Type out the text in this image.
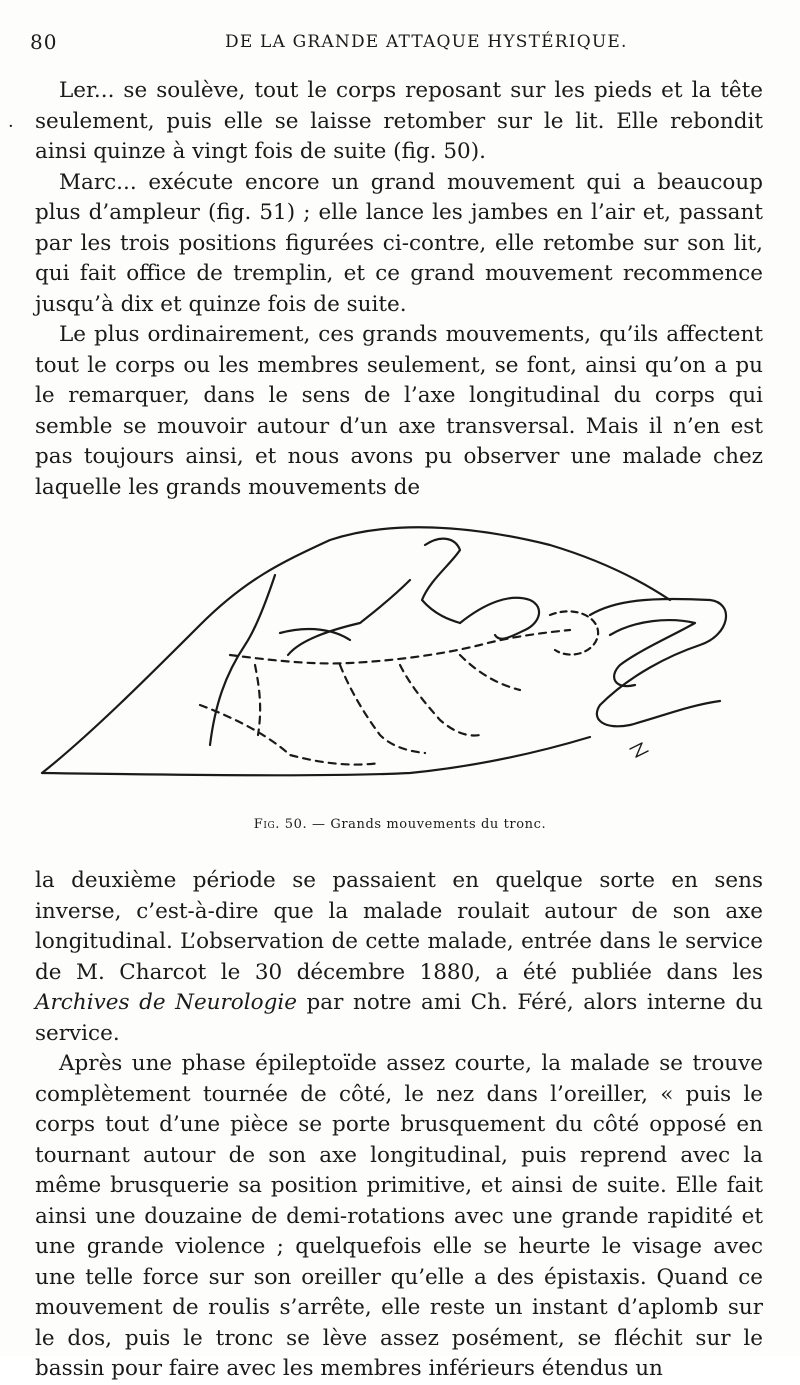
80	DE LA GRANDE ATTAQUE HYSTÉRIQUE.
·

Ler... se soulève, tout le corps reposant sur les pieds et la tête seulement, puis elle se laisse retomber sur le lit. Elle rebondit ainsi quinze à vingt fois de suite (fig. 50).

Marc... exécute encore un grand mouvement qui a beaucoup plus d’ampleur (fig. 51) ; elle lance les jambes en l’air et, passant par les trois positions figurées ci-contre, elle retombe sur son lit, qui fait office de tremplin, et ce grand mouvement recommence jusqu’à dix et quinze fois de suite.

Le plus ordinairement, ces grands mouvements, qu’ils affectent tout le corps ou les membres seulement, se font, ainsi qu’on a pu le remarquer, dans le sens de l’axe longitudinal du corps qui semble se mouvoir autour d’un axe transversal. Mais il n’en est pas toujours ainsi, et nous avons pu observer une malade chez laquelle les grands mouvements de

Fig. 50. — Grands mouvements du tronc.

la deuxième période se passaient en quelque sorte en sens inverse, c’est-à-dire que la malade roulait autour de son axe longitudinal. L’observation de cette malade, entrée dans le service de M. Charcot le 30 décembre 1880, a été publiée dans les Archives de Neurologie par notre ami Ch. Féré, alors interne du service.

Après une phase épileptoïde assez courte, la malade se trouve complètement tournée de côté, le nez dans l’oreiller, « puis le corps tout d’une pièce se porte brusquement du côté opposé en tournant autour de son axe longitudinal, puis reprend avec la même brusquerie sa position primitive, et ainsi de suite. Elle fait ainsi une douzaine de demi-rotations avec une grande rapidité et une grande violence ; quelquefois elle se heurte le visage avec une telle force sur son oreiller qu’elle a des épistaxis. Quand ce mouvement de roulis s’arrête, elle reste un instant d’aplomb sur le dos, puis le tronc se lève assez posément, se fléchit sur le bassin pour faire avec les membres inférieurs étendus un
